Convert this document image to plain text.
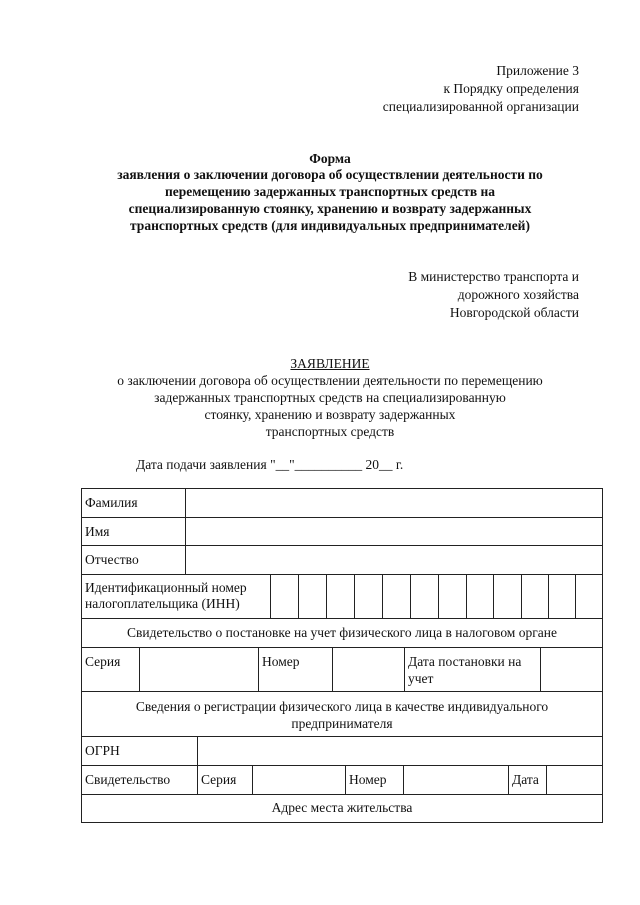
Приложение 3
к Порядку определения
специализированной организации
Форма
заявления о заключении договора об осуществлении деятельности по
перемещению задержанных транспортных средств на
специализированную стоянку, хранению и возврату задержанных
транспортных средств (для индивидуальных предпринимателей)
В министерство транспорта и
дорожного хозяйства
Новгородской области
ЗАЯВЛЕНИЕ
о заключении договора об осуществлении деятельности по перемещению
задержанных транспортных средств на специализированную
стоянку, хранению и возврату задержанных
транспортных средств
Дата подачи заявления "__"__________ 20__ г.
Фамилия
Имя
Отчество
Идентификационный номер
налогоплательщика (ИНН)
Свидетельство о постановке на учет физического лица в налоговом органе
Серия	Номер	Дата постановки на
учет
Сведения о регистрации физического лица в качестве индивидуального
предпринимателя
ОГРН
Свидетельство Серия	Номер	Дата
Адрес места жительства
